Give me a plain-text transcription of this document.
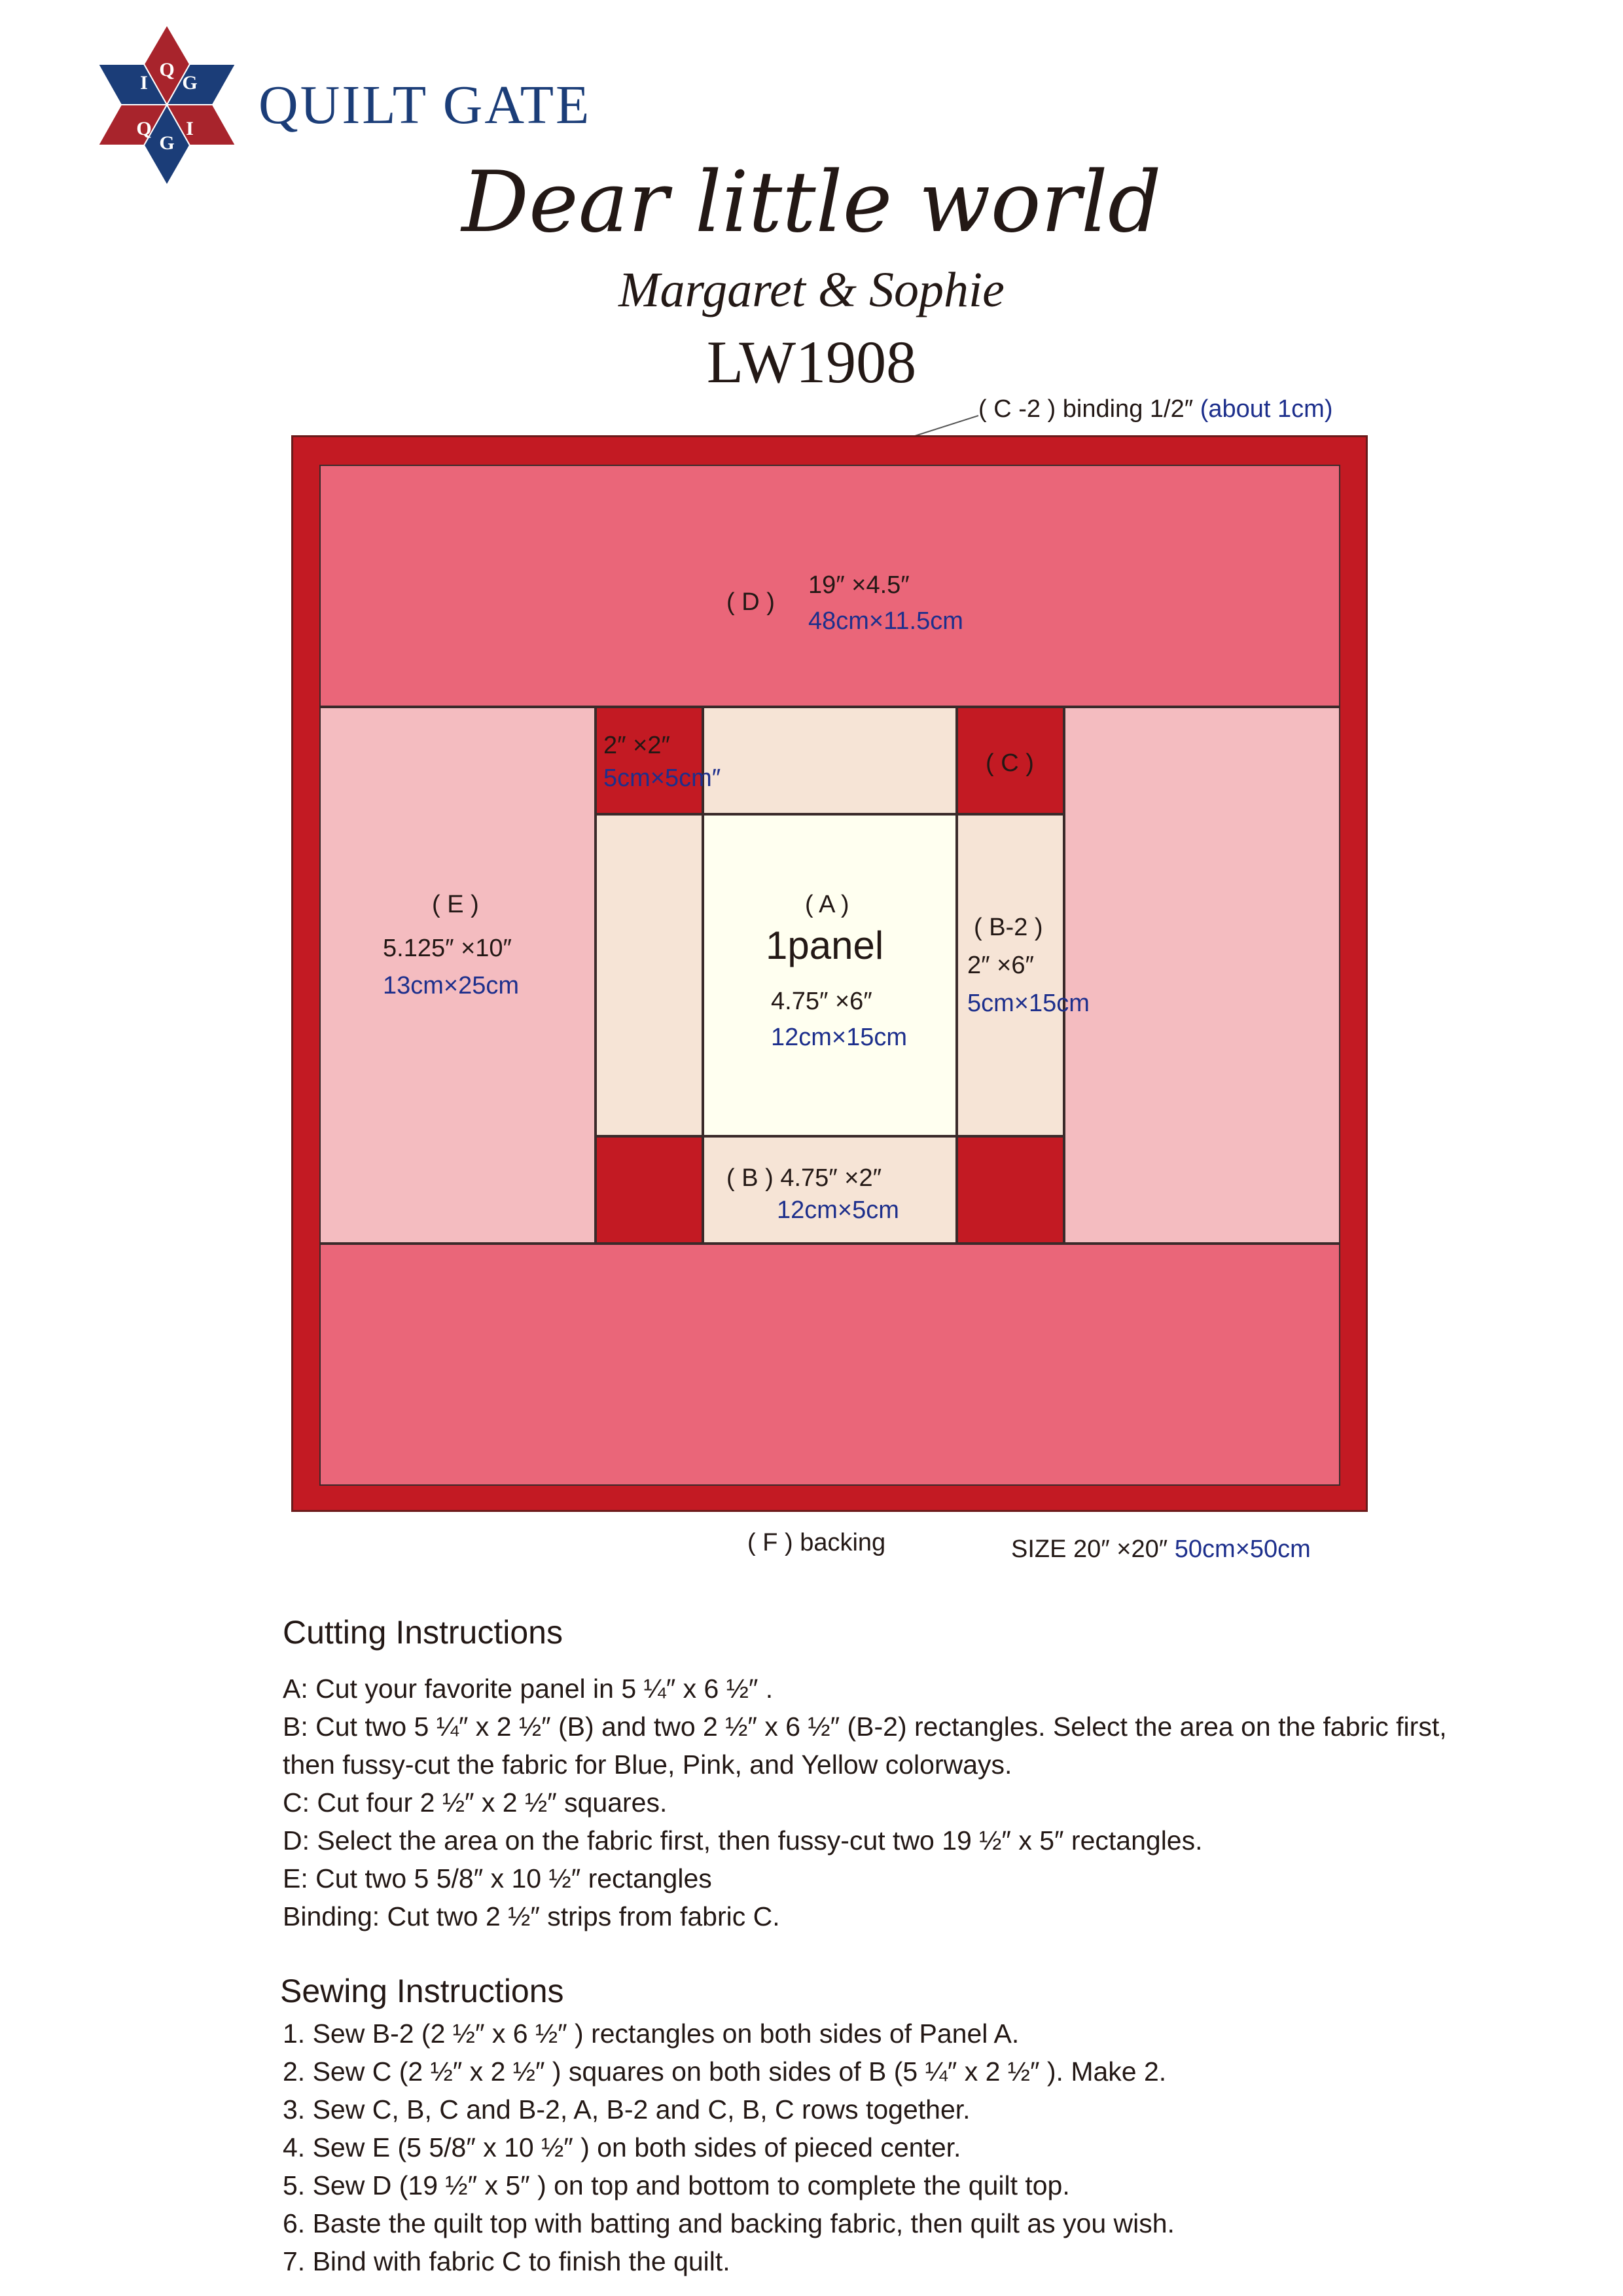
I
Q
G
I
G
Q QUILT GATE
Dear little world
Margaret & Sophie
LW1908
( C -2 ) binding 1/2″ (about 1cm)
( D )
19″ ×4.5″
48cm×11.5cm
2″ ×2″
5cm×5cm″
( C )
( E )
5.125″ ×10″
13cm×25cm
( A )
1panel
4.75″ ×6″
12cm×15cm
( B-2 )
2″ ×6″
5cm×15cm
( B ) 4.75″ ×2″
12cm×5cm
( F ) backing	SIZE 20″ ×20″ 50cm×50cm
Cutting Instructions
A: Cut your favorite panel in 5 ¼″ x 6 ½″ .
B: Cut two 5 ¼″ x 2 ½″ (B) and two 2 ½″ x 6 ½″ (B-2) rectangles. Select the area on the fabric first,
then fussy-cut the fabric for Blue, Pink, and Yellow colorways.
C: Cut four 2 ½″ x 2 ½″ squares.
D: Select the area on the fabric first, then fussy-cut two 19 ½″ x 5″ rectangles.
E: Cut two 5 5/8″ x 10 ½″ rectangles
Binding: Cut two 2 ½″ strips from fabric C.
Sewing Instructions
1. Sew B-2 (2 ½″ x 6 ½″ ) rectangles on both sides of Panel A.
2. Sew C (2 ½″ x 2 ½″ ) squares on both sides of B (5 ¼″ x 2 ½″ ). Make 2.
3. Sew C, B, C and B-2, A, B-2 and C, B, C rows together.
4. Sew E (5 5/8″ x 10 ½″ ) on both sides of pieced center.
5. Sew D (19 ½″ x 5″ ) on top and bottom to complete the quilt top.
6. Baste the quilt top with batting and backing fabric, then quilt as you wish.
7. Bind with fabric C to finish the quilt.
